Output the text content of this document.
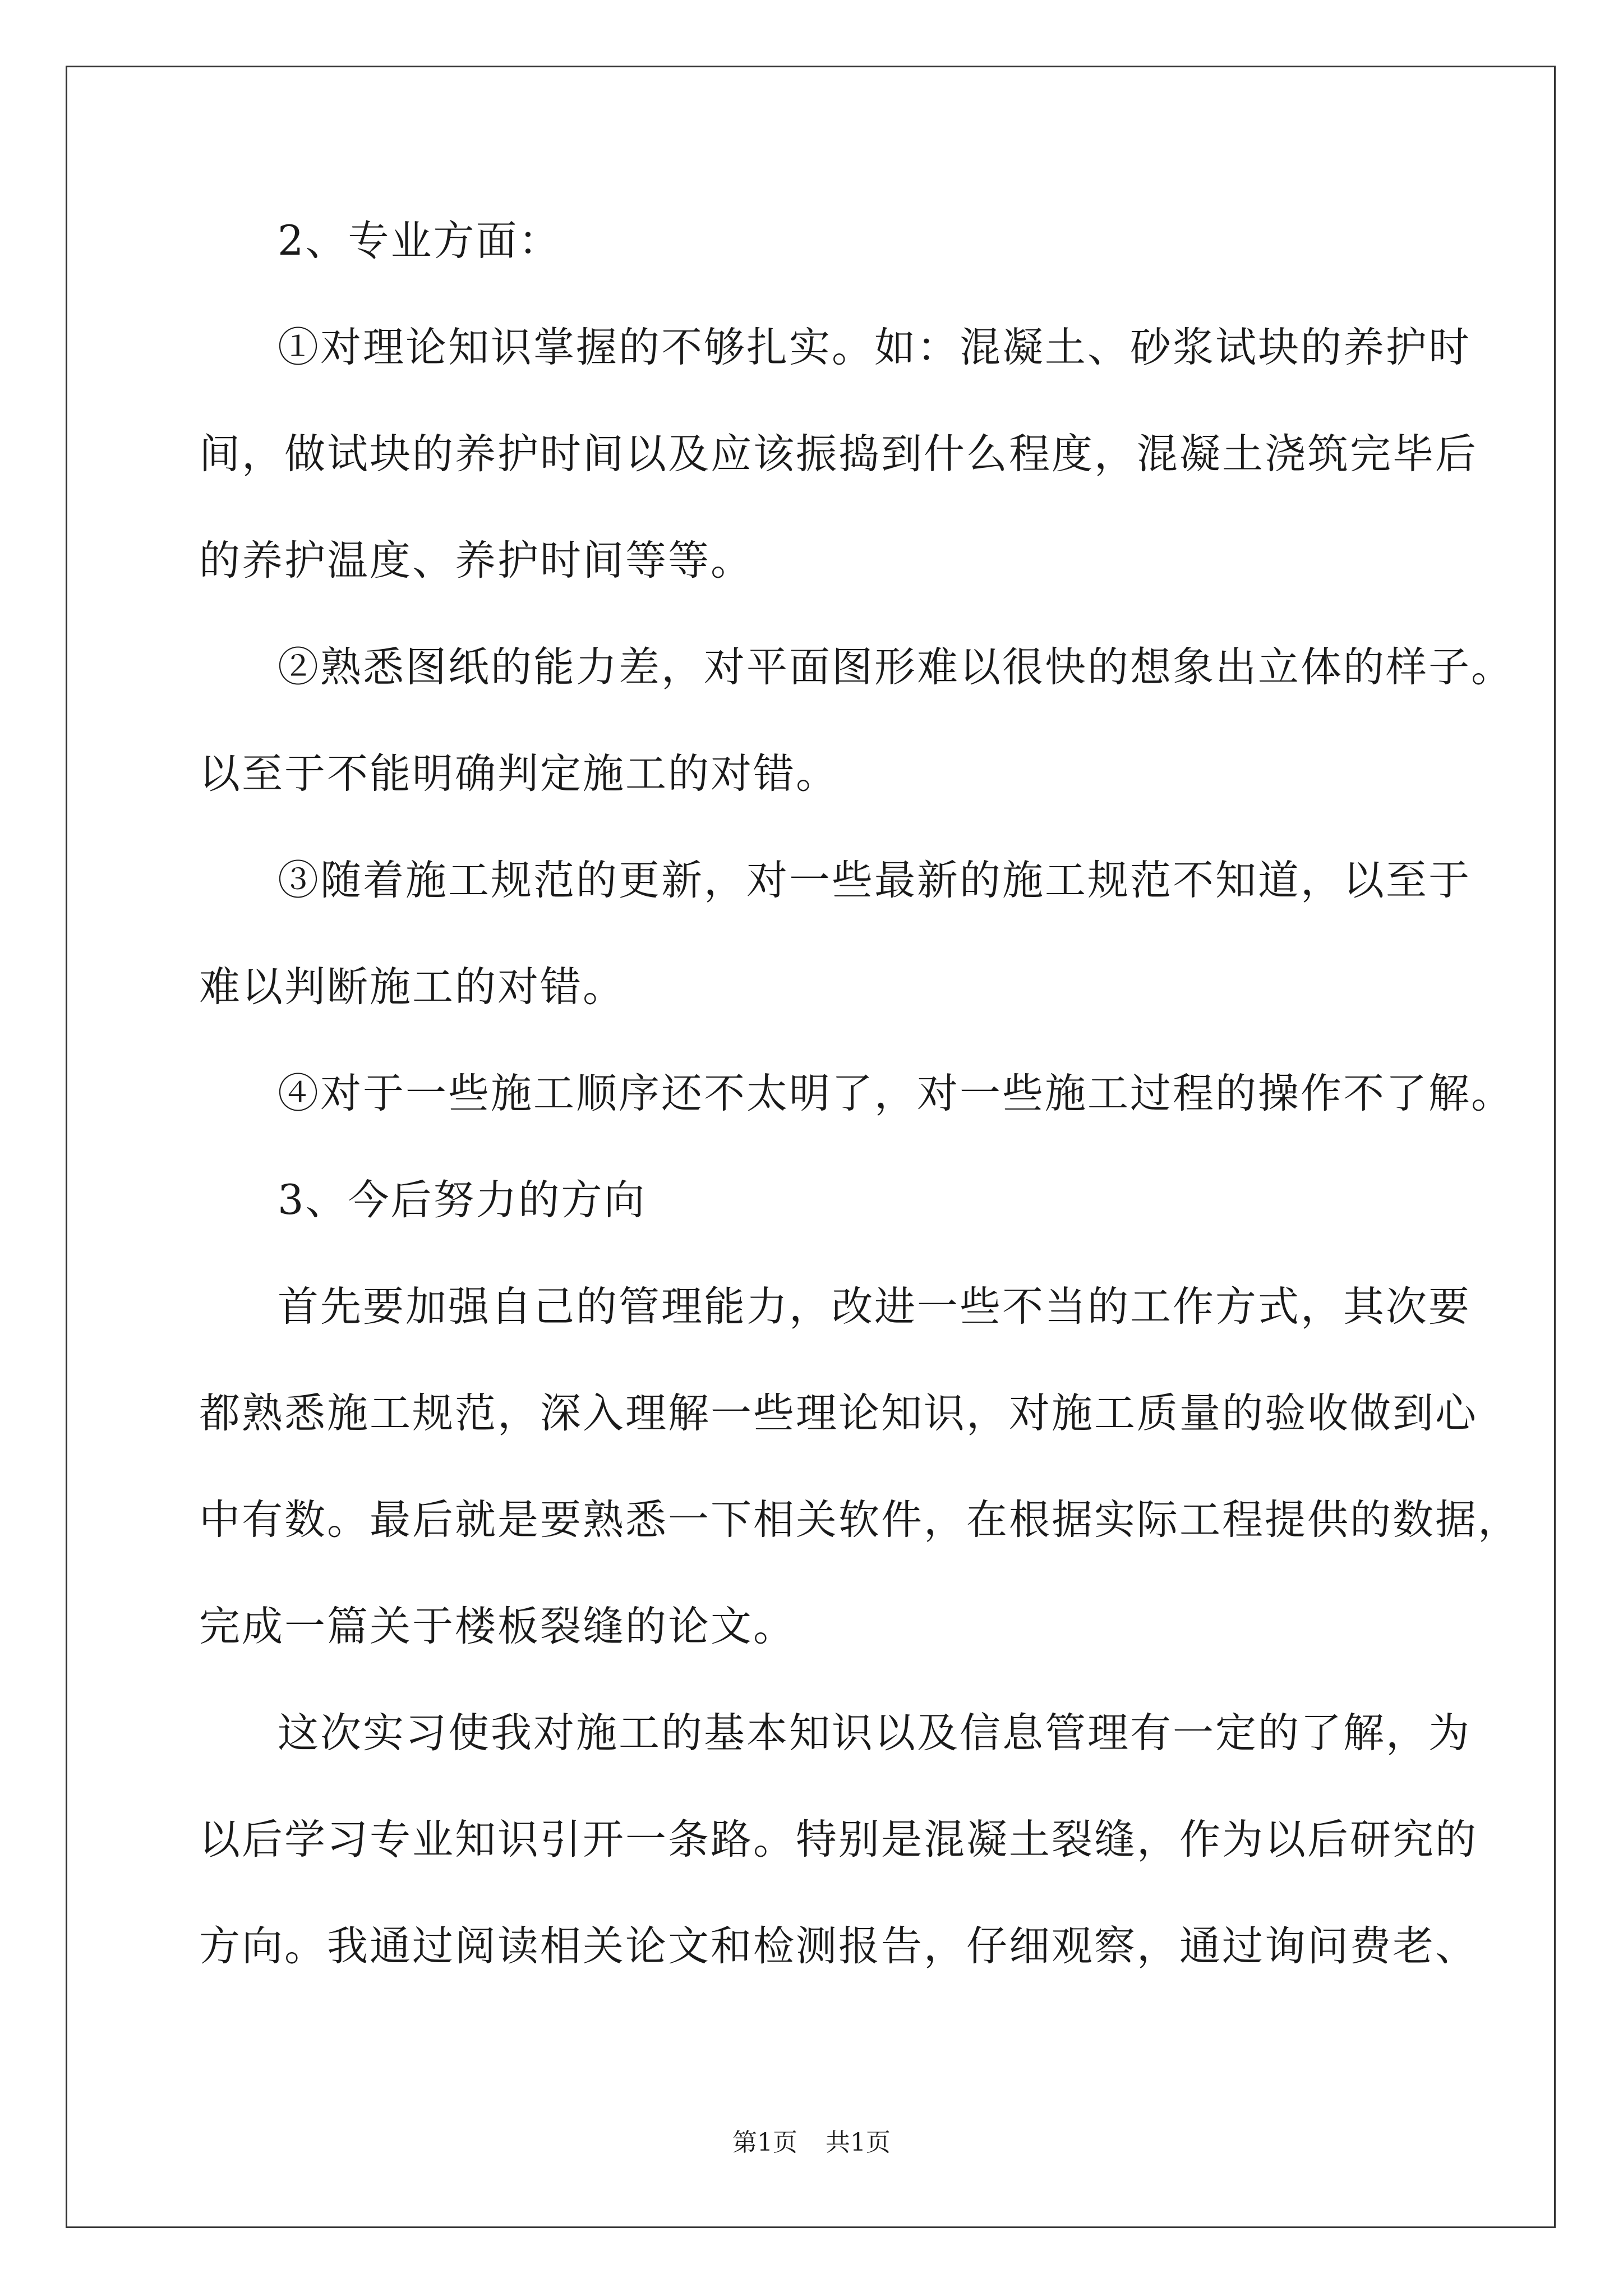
2、专业方面：
①对理论知识掌握的不够扎实。如：混凝土、砂浆试块的养护时
间，做试块的养护时间以及应该振捣到什么程度，混凝土浇筑完毕后
的养护温度、养护时间等等。
②熟悉图纸的能力差，对平面图形难以很快的想象出立体的样子。
以至于不能明确判定施工的对错。
③随着施工规范的更新，对一些最新的施工规范不知道，以至于
难以判断施工的对错。
④对于一些施工顺序还不太明了，对一些施工过程的操作不了解。
3、今后努力的方向
首先要加强自己的管理能力，改进一些不当的工作方式，其次要
都熟悉施工规范，深入理解一些理论知识，对施工质量的验收做到心
中有数。最后就是要熟悉一下相关软件，在根据实际工程提供的数据，
完成一篇关于楼板裂缝的论文。
这次实习使我对施工的基本知识以及信息管理有一定的了解，为
以后学习专业知识引开一条路。特别是混凝土裂缝，作为以后研究的
方向。我通过阅读相关论文和检测报告，仔细观察，通过询问费老、
第1页 共1页
